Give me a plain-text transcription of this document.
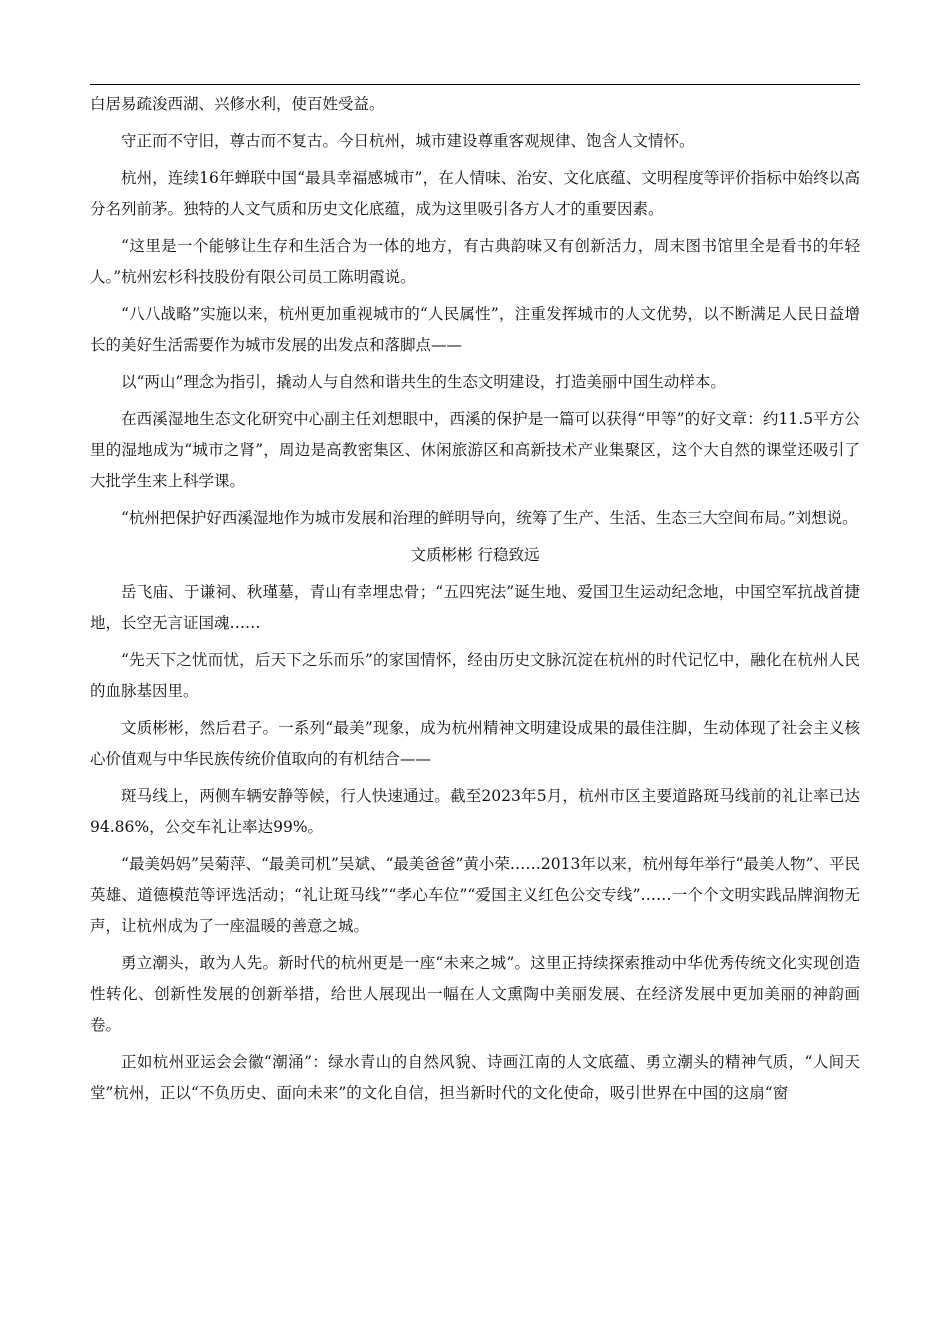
白居易疏浚西湖、兴修水利，使百姓受益。

守正而不守旧，尊古而不复古。今日杭州，城市建设尊重客观规律、饱含人文情怀。

杭州，连续16年蝉联中国“最具幸福感城市”，在人情味、治安、文化底蕴、文明程度等评价指标中始终以高分名列前茅。独特的人文气质和历史文化底蕴，成为这里吸引各方人才的重要因素。

“这里是一个能够让生存和生活合为一体的地方，有古典韵味又有创新活力，周末图书馆里全是看书的年轻人。”杭州宏杉科技股份有限公司员工陈明霞说。

“八八战略”实施以来，杭州更加重视城市的“人民属性”，注重发挥城市的人文优势，以不断满足人民日益增长的美好生活需要作为城市发展的出发点和落脚点——

以“两山”理念为指引，撬动人与自然和谐共生的生态文明建设，打造美丽中国生动样本。

在西溪湿地生态文化研究中心副主任刘想眼中，西溪的保护是一篇可以获得“甲等”的好文章：约11.5平方公里的湿地成为“城市之肾”，周边是高教密集区、休闲旅游区和高新技术产业集聚区，这个大自然的课堂还吸引了大批学生来上科学课。

“杭州把保护好西溪湿地作为城市发展和治理的鲜明导向，统筹了生产、生活、生态三大空间布局。”刘想说。

文质彬彬 行稳致远

岳飞庙、于谦祠、秋瑾墓，青山有幸埋忠骨；“五四宪法”诞生地、爱国卫生运动纪念地，中国空军抗战首捷地，长空无言证国魂……

“先天下之忧而忧，后天下之乐而乐”的家国情怀，经由历史文脉沉淀在杭州的时代记忆中，融化在杭州人民的血脉基因里。

文质彬彬，然后君子。一系列“最美”现象，成为杭州精神文明建设成果的最佳注脚，生动体现了社会主义核心价值观与中华民族传统价值取向的有机结合——

斑马线上，两侧车辆安静等候，行人快速通过。截至2023年5月，杭州市区主要道路斑马线前的礼让率已达94.86%，公交车礼让率达99%。

“最美妈妈”吴菊萍、“最美司机”吴斌、“最美爸爸”黄小荣……2013年以来，杭州每年举行“最美人物”、平民英雄、道德模范等评选活动；“礼让斑马线”“孝心车位”“爱国主义红色公交专线”……一个个文明实践品牌润物无声，让杭州成为了一座温暖的善意之城。

勇立潮头，敢为人先。新时代的杭州更是一座“未来之城”。这里正持续探索推动中华优秀传统文化实现创造性转化、创新性发展的创新举措，给世人展现出一幅在人文熏陶中美丽发展、在经济发展中更加美丽的神韵画卷。

正如杭州亚运会会徽“潮涌”：绿水青山的自然风貌、诗画江南的人文底蕴、勇立潮头的精神气质，“人间天堂”杭州，正以“不负历史、面向未来”的文化自信，担当新时代的文化使命，吸引世界在中国的这扇“窗
